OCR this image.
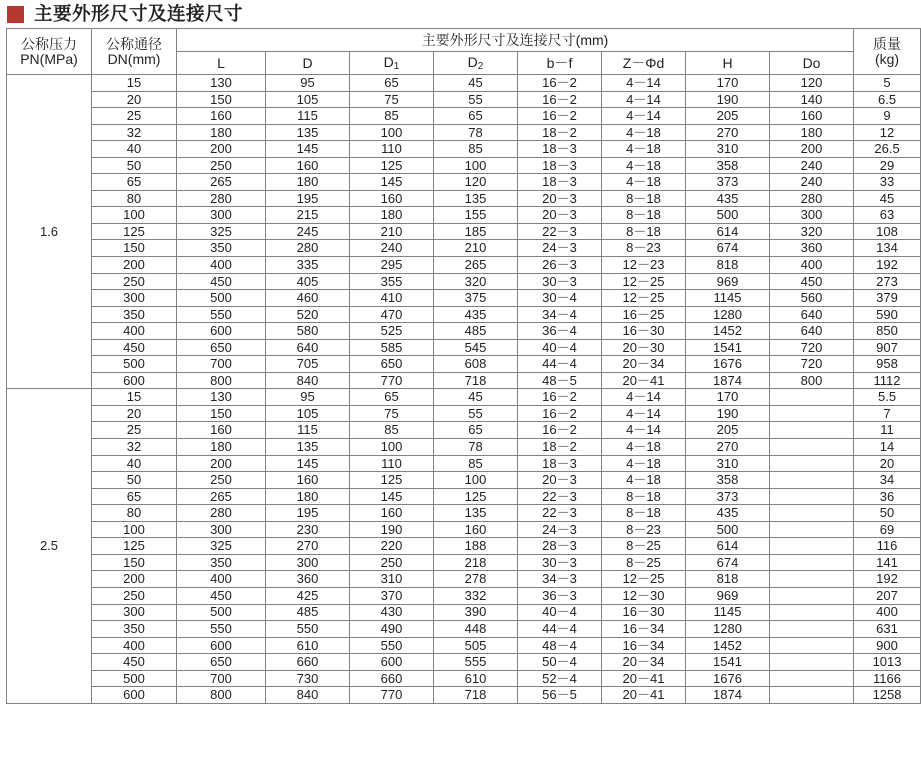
主要外形尺寸及连接尺寸
公称压力
PN(MPa)

公称通径
DN(mm)
	主要外形尺寸及连接尺寸(mm)	质量
(kg)

		L	D	$D_1$	$D_2$	b－f	Z－Φd	H	Do	
1.6	15	130	95	65	45	16－2	4－14	170	120	5
	20	150	105	75	55	16－2	4－14	190	140	6.5
	25	160	115	85	65	16－2	4－14	205	160	9
	32	180	135	100	78	18－2	4－18	270	180	12
	40	200	145	110	85	18－3	4－18	310	200	26.5
	50	250	160	125	100	18－3	4－18	358	240	29
	65	265	180	145	120	18－3	4－18	373	240	33
	80	280	195	160	135	20－3	8－18	435	280	45
	100	300	215	180	155	20－3	8－18	500	300	63
	125	325	245	210	185	22－3	8－18	614	320	108
	150	350	280	240	210	24－3	8－23	674	360	134
	200	400	335	295	265	26－3	12－23	818	400	192
	250	450	405	355	320	30－3	12－25	969	450	273
	300	500	460	410	375	30－4	12－25	1145	560	379
	350	550	520	470	435	34－4	16－25	1280	640	590
	400	600	580	525	485	36－4	16－30	1452	640	850
	450	650	640	585	545	40－4	20－30	1541	720	907
	500	700	705	650	608	44－4	20－34	1676	720	958
	600	800	840	770	718	48－5	20－41	1874	800	1112
2.5	15	130	95	65	45	16－2	4－14	170		5.5
	20	150	105	75	55	16－2	4－14	190		7
	25	160	115	85	65	16－2	4－14	205		11
	32	180	135	100	78	18－2	4－18	270		14
	40	200	145	110	85	18－3	4－18	310		20
	50	250	160	125	100	20－3	4－18	358		34
	65	265	180	145	125	22－3	8－18	373		36
	80	280	195	160	135	22－3	8－18	435		50
	100	300	230	190	160	24－3	8－23	500		69
	125	325	270	220	188	28－3	8－25	614		116
	150	350	300	250	218	30－3	8－25	674		141
	200	400	360	310	278	34－3	12－25	818		192
	250	450	425	370	332	36－3	12－30	969		207
	300	500	485	430	390	40－4	16－30	1145		400
	350	550	550	490	448	44－4	16－34	1280		631
	400	600	610	550	505	48－4	16－34	1452		900
	450	650	660	600	555	50－4	20－34	1541		1013
	500	700	730	660	610	52－4	20－41	1676		1166
	600	800	840	770	718	56－5	20－41	1874		1258
